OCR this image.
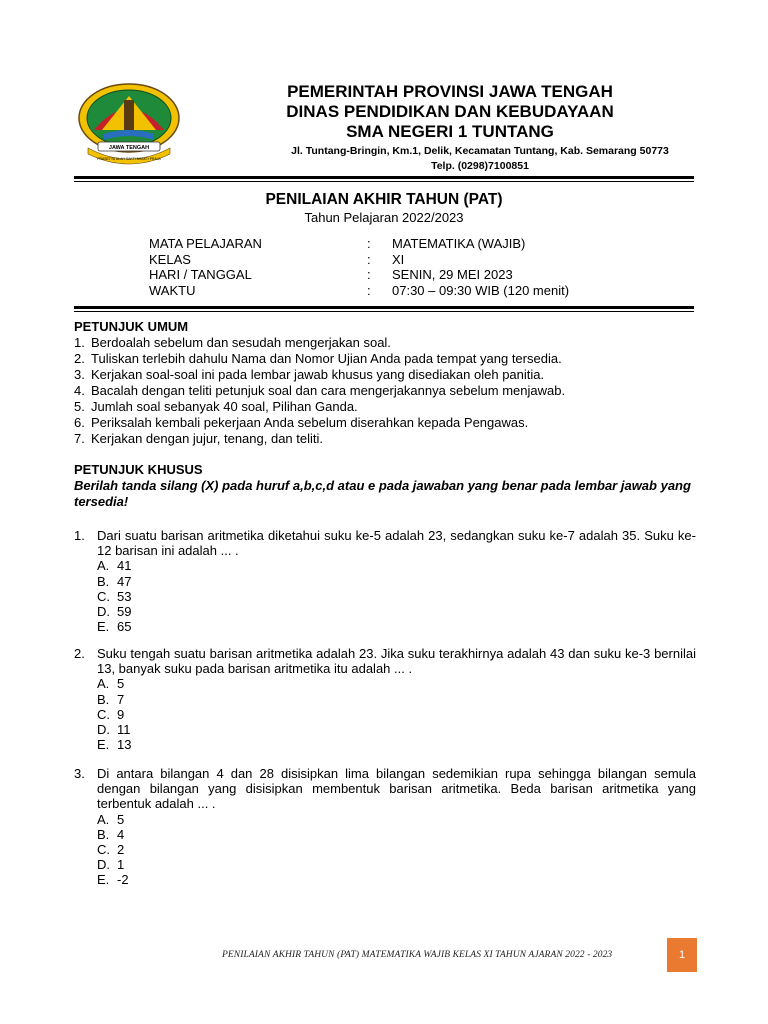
JAWA TENGAH
PRASETYA ULAH SAKTI BHAKTI PRAJA
PEMERINTAH PROVINSI JAWA TENGAH
DINAS PENDIDIKAN DAN KEBUDAYAAN
SMA NEGERI 1 TUNTANG
Jl. Tuntang-Bringin, Km.1, Delik, Kecamatan Tuntang, Kab. Semarang 50773
Telp. (0298)7100851
PENILAIAN AKHIR TAHUN (PAT)
Tahun Pelajaran 2022/2023
MATA PELAJARAN	:	MATEMATIKA (WAJIB)
KELAS	:	XI
HARI / TANGGAL	:	SENIN, 29 MEI 2023
WAKTU	:	07:30 – 09:30 WIB (120 menit)
PETUNJUK UMUM
1. Berdoalah sebelum dan sesudah mengerjakan soal.
2. Tuliskan terlebih dahulu Nama dan Nomor Ujian Anda pada tempat yang tersedia.
3. Kerjakan soal-soal ini pada lembar jawab khusus yang disediakan oleh panitia.
4. Bacalah dengan teliti petunjuk soal dan cara mengerjakannya sebelum menjawab.
5. Jumlah soal sebanyak 40 soal, Pilihan Ganda.
6. Periksalah kembali pekerjaan Anda sebelum diserahkan kepada Pengawas.
7. Kerjakan dengan jujur, tenang, dan teliti.
PETUNJUK KHUSUS
Berilah tanda silang (X) pada huruf a,b,c,d atau e pada jawaban yang benar pada lembar jawab yang tersedia!
1. Dari suatu barisan aritmetika diketahui suku ke-5 adalah 23, sedangkan suku ke-7 adalah 35. Suku ke-12 barisan ini adalah ... .
A. 41
B. 47
C. 53
D. 59
E. 65
2. Suku tengah suatu barisan aritmetika adalah 23. Jika suku terakhirnya adalah 43 dan suku ke-3 bernilai 13, banyak suku pada barisan aritmetika itu adalah ... .
A. 5
B. 7
C. 9
D. 11
E. 13
3. Di antara bilangan 4 dan 28 disisipkan lima bilangan sedemikian rupa sehingga bilangan semula dengan bilangan yang disisipkan membentuk barisan aritmetika. Beda barisan aritmetika yang terbentuk adalah ... .
A. 5
B. 4
C. 2
D. 1
E. -2
PENILAIAN AKHIR TAHUN (PAT) MATEMATIKA WAJIB KELAS XI TAHUN AJARAN 2022 - 2023	1
